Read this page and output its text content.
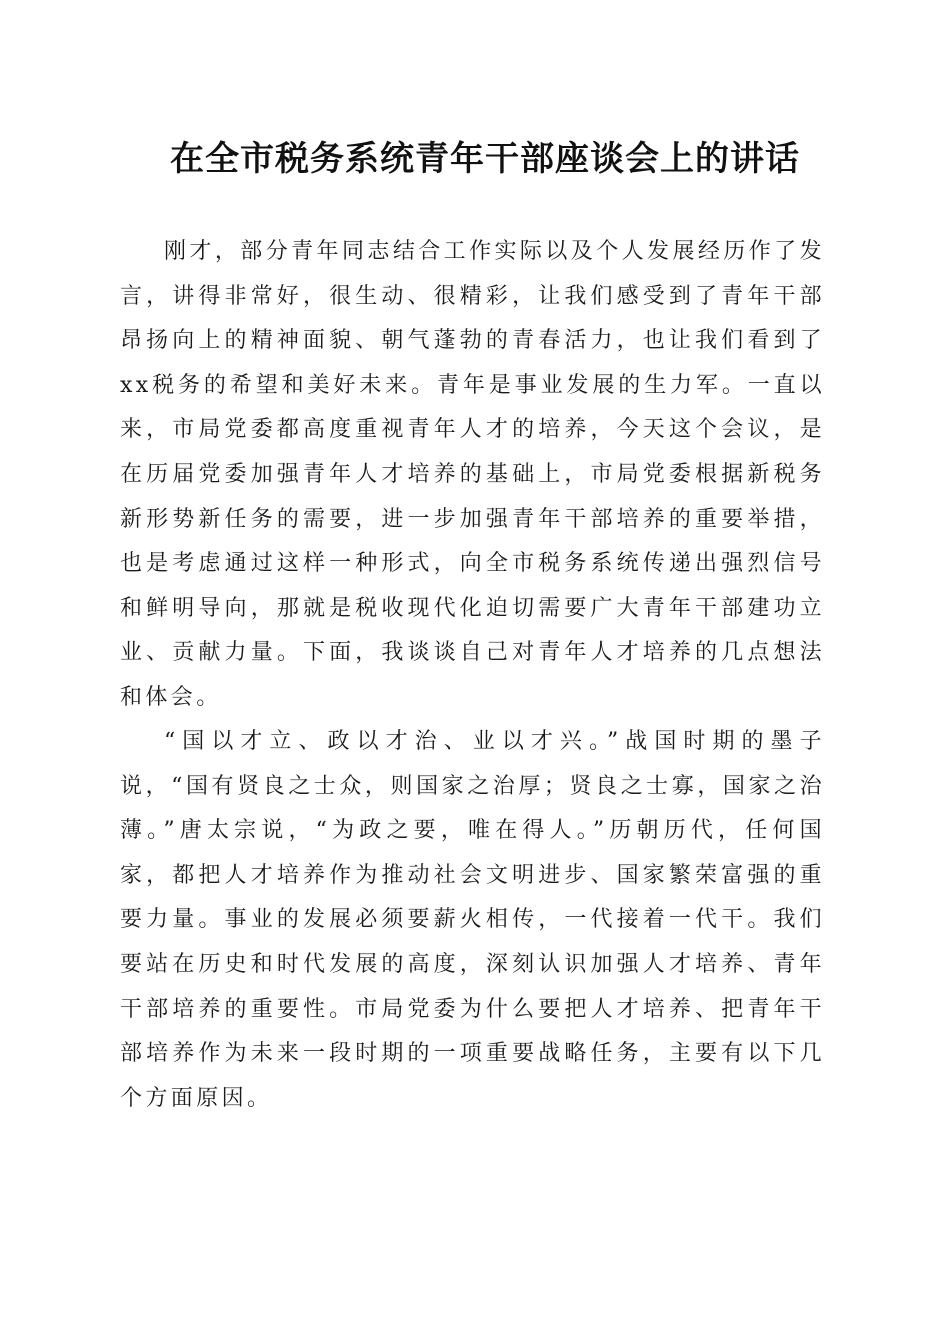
在全市税务系统青年干部座谈会上的讲话

刚才，部分青年同志结合工作实际以及个人发展经历作了发言，讲得非常好，很生动、很精彩，让我们感受到了青年干部昂扬向上的精神面貌、朝气蓬勃的青春活力，也让我们看到了xx税务的希望和美好未来。青年是事业发展的生力军。一直以来，市局党委都高度重视青年人才的培养，今天这个会议，是在历届党委加强青年人才培养的基础上，市局党委根据新税务新形势新任务的需要，进一步加强青年干部培养的重要举措，也是考虑通过这样一种形式，向全市税务系统传递出强烈信号和鲜明导向，那就是税收现代化迫切需要广大青年干部建功立业、贡献力量。下面，我谈谈自己对青年人才培养的几点想法和体会。

“国以才立、政以才治、业以才兴。”战国时期的墨子说，“国有贤良之士众，则国家之治厚；贤良之士寡，国家之治薄。”唐太宗说，“为政之要，唯在得人。”历朝历代，任何国家，都把人才培养作为推动社会文明进步、国家繁荣富强的重要力量。事业的发展必须要薪火相传，一代接着一代干。我们要站在历史和时代发展的高度，深刻认识加强人才培养、青年干部培养的重要性。市局党委为什么要把人才培养、把青年干部培养作为未来一段时期的一项重要战略任务，主要有以下几个方面原因。
